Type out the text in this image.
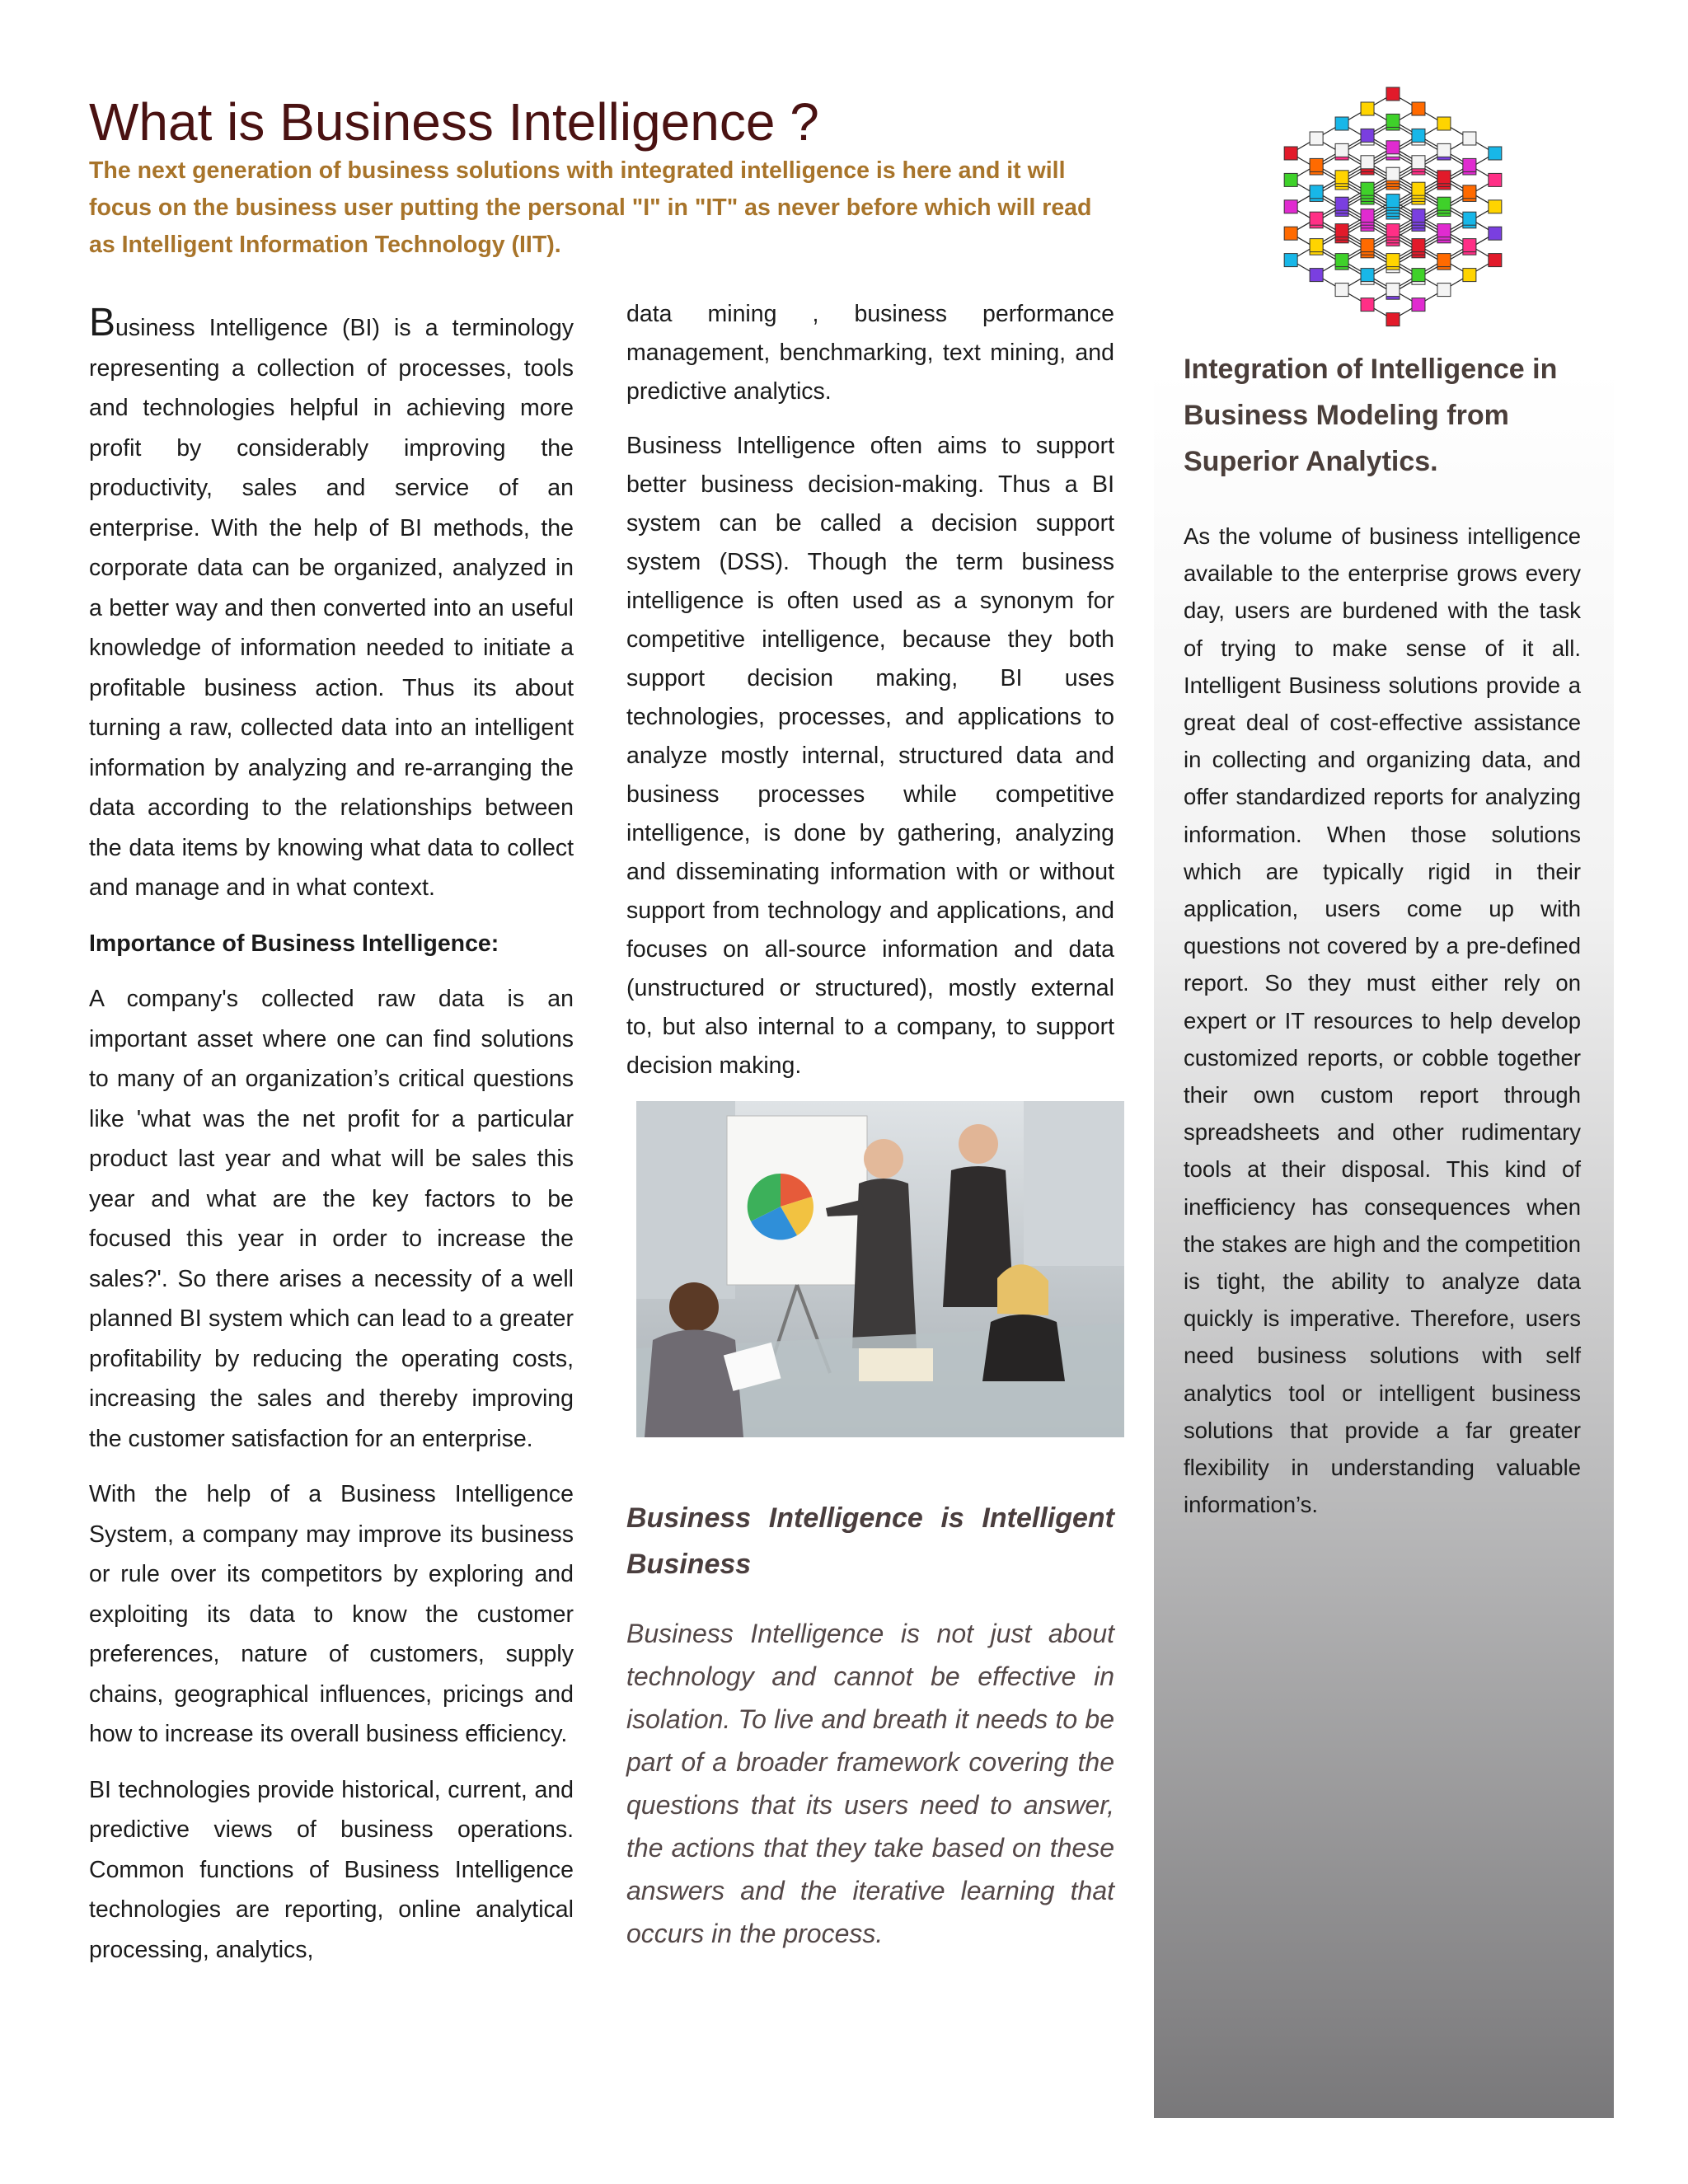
What is Business Intelligence ?

The next generation of business solutions with integrated intelligence is here and it will focus on the business user putting the personal "I" in "IT" as never before which will read as Intelligent Information Technology (IIT).

Business Intelligence (BI) is a terminology representing a collection of processes, tools and technologies helpful in achieving more profit by considerably improving the productivity, sales and service of an enterprise. With the help of BI methods, the corporate data can be organized, analyzed in a better way and then converted into an useful knowledge of information needed to initiate a profitable business action. Thus its about turning a raw, collected data into an intelligent information by analyzing and re-arranging the data according to the relationships between the data items by knowing what data to collect and manage and in what context.

Importance of Business Intelligence:

A company's collected raw data is an important asset where one can find solutions to many of an organization’s critical questions like 'what was the net profit for a particular product last year and what will be sales this year and what are the key factors to be focused this year in order to increase the sales?'. So there arises a necessity of a well planned BI system which can lead to a greater profitability by reducing the operating costs, increasing the sales and thereby improving the customer satisfaction for an enterprise.

With the help of a Business Intelligence System, a company may improve its business or rule over its competitors by exploring and exploiting its data to know the customer preferences, nature of customers, supply chains, geographical influences, pricings and how to increase its overall business efficiency.

BI technologies provide historical, current, and predictive views of business operations. Common functions of Business Intelligence technologies are reporting, online analytical processing, analytics,

data mining , business performance management, benchmarking, text mining, and predictive analytics.

Business Intelligence often aims to support better business decision-making. Thus a BI system can be called a decision support system (DSS). Though the term business intelligence is often used as a synonym for competitive intelligence, because they both support decision making, BI uses technologies, processes, and applications to analyze mostly internal, structured data and business processes while competitive intelligence, is done by gathering, analyzing and disseminating information with or without support from technology and applications, and focuses on all-source information and data (unstructured or structured), mostly external to, but also internal to a company, to support decision making.

Business Intelligence is Intelligent Business

Business Intelligence is not just about technology and cannot be effective in isolation. To live and breath it needs to be part of a broader framework covering the questions that its users need to answer, the actions that they take based on these answers and the iterative learning that occurs in the process.

Integration of Intelligence in Business Modeling from Superior Analytics.

As the volume of business intelligence available to the enterprise grows every day, users are burdened with the task of trying to make sense of it all. Intelligent Business solutions provide a great deal of cost-effective assistance in collecting and organizing data, and offer standardized reports for analyzing information. When those solutions which are typically rigid in their application, users come up with questions not covered by a pre-defined report. So they must either rely on expert or IT resources to help develop customized reports, or cobble together their own custom report through spreadsheets and other rudimentary tools at their disposal. This kind of inefficiency has consequences when the stakes are high and the competition is tight, the ability to analyze data quickly is imperative. Therefore, users need business solutions with self analytics tool or intelligent business solutions that provide a far greater flexibility in understanding valuable information’s.
